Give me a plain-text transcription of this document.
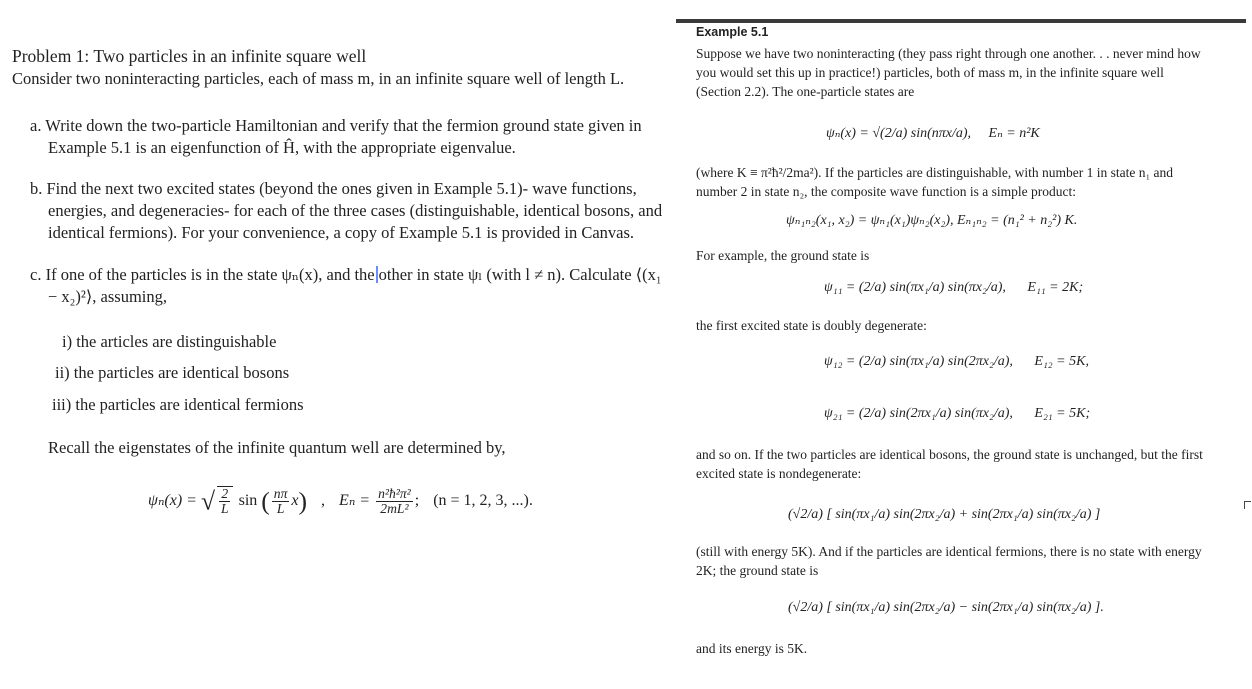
Problem 1: Two particles in an infinite square well
Consider two noninteracting particles, each of mass m, in an infinite square well of length L.
a. Write down the two-particle Hamiltonian and verify that the fermion ground state given in Example 5.1 is an eigenfunction of Ĥ, with the appropriate eigenvalue.
b. Find the next two excited states (beyond the ones given in Example 5.1)- wave functions, energies, and degeneracies- for each of the three cases (distinguishable, identical bosons, and identical fermions). For your convenience, a copy of Example 5.1 is provided in Canvas.
c. If one of the particles is in the state ψₙ(x), and the other in state ψₗ (with l ≠ n). Calculate ⟨(x₁ − x₂)²⟩, assuming,
i) the articles are distinguishable
ii) the particles are identical bosons
iii) the particles are identical fermions
Recall the eigenstates of the infinite quantum well are determined by,
ψₙ(x) = √ $\frac{2}{L}$ sin ( $\frac{n\pi}{L} x$) , $E_n = \frac{\text{n²ħ²π²}}{\text{2mL²}}$ ; (n = 1, 2, 3, ...).
Example 5.1
Suppose we have two noninteracting (they pass right through one another. . . never mind how you would set this up in practice!) particles, both of mass m, in the infinite square well (Section 2.2). The one-particle states are
ψₙ(x) = √(2/a) sin(nπx/a), Eₙ = n²K
(where K ≡ π²ħ²/2ma²). If the particles are distinguishable, with number 1 in state n₁ and number 2 in state n₂, the composite wave function is a simple product:
ψₙ₁ₙ₂(x₁, x₂) = ψₙ₁(x₁)ψₙ₂(x₂), Eₙ₁ₙ₂ = (n₁² + n₂²) K.
For example, the ground state is
ψ₁₁ = (2/a) sin(πx₁/a) sin(πx₂/a), E₁₁ = 2K;
the first excited state is doubly degenerate:
ψ₁₂ = (2/a) sin(πx₁/a) sin(2πx₂/a), E₁₂ = 5K,
ψ₂₁ = (2/a) sin(2πx₁/a) sin(πx₂/a), E₂₁ = 5K;
and so on. If the two particles are identical bosons, the ground state is unchanged, but the first excited state is nondegenerate:
(√2/a) [ sin(πx₁/a) sin(2πx₂/a) + sin(2πx₁/a) sin(πx₂/a) ]
(still with energy 5K). And if the particles are identical fermions, there is no state with energy 2K; the ground state is
(√2/a) [ sin(πx₁/a) sin(2πx₂/a) − sin(2πx₁/a) sin(πx₂/a) ].
and its energy is 5K.
